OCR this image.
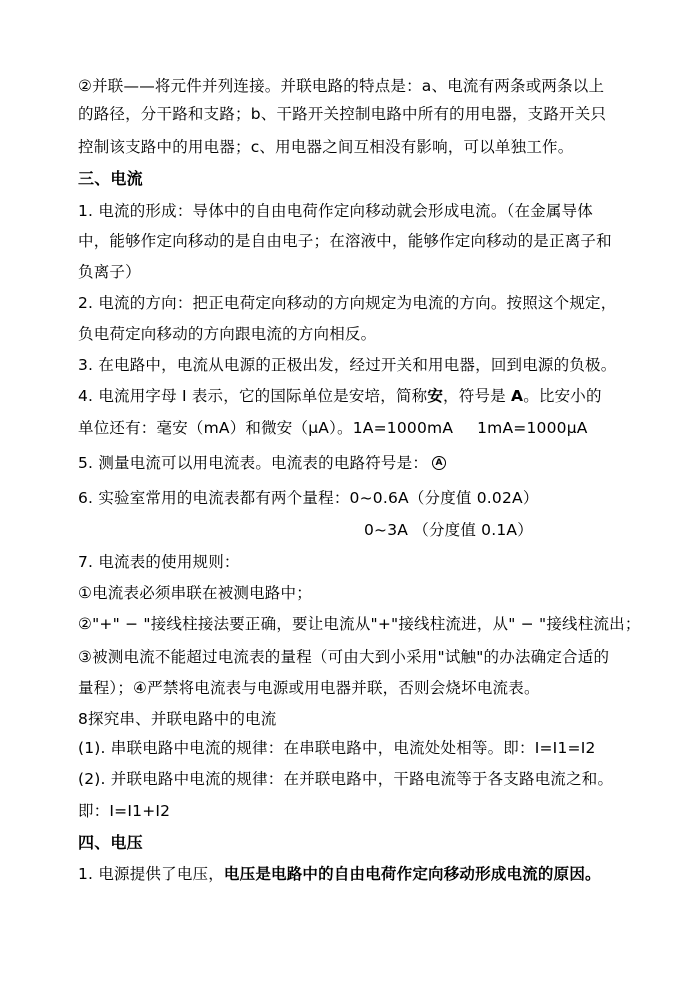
②并联——将元件并列连接。并联电路的特点是：a、电流有两条或两条以上
的路径，分干路和支路；b、干路开关控制电路中所有的用电器，支路开关只
控制该支路中的用电器；c、用电器之间互相没有影响，可以单独工作。
三、电流
1. 电流的形成：导体中的自由电荷作定向移动就会形成电流。（在金属导体
中，能够作定向移动的是自由电子；在溶液中，能够作定向移动的是正离子和
负离子）
2. 电流的方向：把正电荷定向移动的方向规定为电流的方向。按照这个规定，
负电荷定向移动的方向跟电流的方向相反。
3. 在电路中，电流从电源的正极出发，经过开关和用电器，回到电源的负极。
4. 电流用字母 I 表示，它的国际单位是安培，简称安，符号是 A。比安小的
单位还有：毫安（mA）和微安（μA）。1A=1000mA 1mA=1000μA
5. 测量电流可以用电流表。电流表的电路符号是： A
6. 实验室常用的电流表都有两个量程：0~0.6A（分度值 0.02A）
0~3A （分度值 0.1A）
7. 电流表的使用规则：
①电流表必须串联在被测电路中；
②"+" − "接线柱接法要正确，要让电流从"+"接线柱流进，从" − "接线柱流出；
③被测电流不能超过电流表的量程（可由大到小采用"试触"的办法确定合适的
量程）；④严禁将电流表与电源或用电器并联，否则会烧坏电流表。
8探究串、并联电路中的电流
(1). 串联电路中电流的规律：在串联电路中，电流处处相等。即：I=I1=I2
(2). 并联电路中电流的规律：在并联电路中，干路电流等于各支路电流之和。
即：I=I1+I2
四、电压
1. 电源提供了电压，电压是电路中的自由电荷作定向移动形成电流的原因。
